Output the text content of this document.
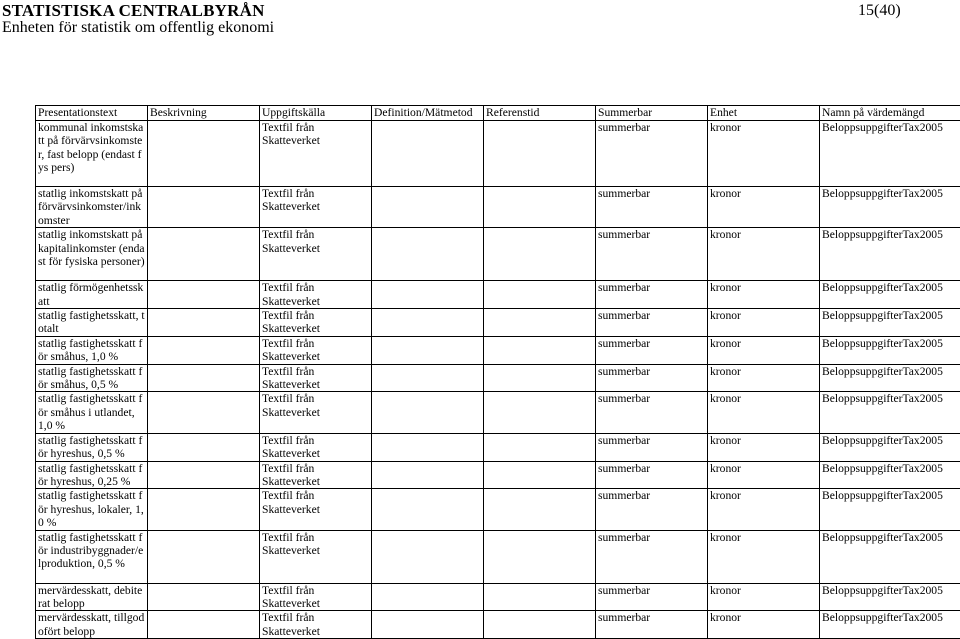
STATISTISKA CENTRALBYRÅN
Enheten för statistik om offentlig ekonomi
15(40)
Presentationstext	Beskrivning	Uppgiftskälla	Definition/Mätmetod	Referenstid	Summerbar	Enhet	Namn på värdemängd
kommunal inkomstskatt på förvärvsinkomster, fast belopp (endast fys pers)		Textfil från Skatteverket			summerbar	kronor	BeloppsuppgifterTax2005
statlig inkomstskatt på förvärvsinkomster/inkomster		Textfil från Skatteverket			summerbar	kronor	BeloppsuppgifterTax2005
statlig inkomstskatt på kapitalinkomster (endast för fysiska personer)		Textfil från Skatteverket			summerbar	kronor	BeloppsuppgifterTax2005
statlig förmögenhetsskatt		Textfil från Skatteverket			summerbar	kronor	BeloppsuppgifterTax2005
statlig fastighetsskatt, totalt		Textfil från Skatteverket			summerbar	kronor	BeloppsuppgifterTax2005
statlig fastighetsskatt för småhus, 1,0 %		Textfil från Skatteverket			summerbar	kronor	BeloppsuppgifterTax2005
statlig fastighetsskatt för småhus, 0,5 %		Textfil från Skatteverket			summerbar	kronor	BeloppsuppgifterTax2005
statlig fastighetsskatt för småhus i utlandet, 1,0 %		Textfil från Skatteverket			summerbar	kronor	BeloppsuppgifterTax2005
statlig fastighetsskatt för hyreshus, 0,5 %		Textfil från Skatteverket			summerbar	kronor	BeloppsuppgifterTax2005
statlig fastighetsskatt för hyreshus, 0,25 %		Textfil från Skatteverket			summerbar	kronor	BeloppsuppgifterTax2005
statlig fastighetsskatt för hyreshus, lokaler, 1,0 %		Textfil från Skatteverket			summerbar	kronor	BeloppsuppgifterTax2005
statlig fastighetsskatt för industribyggnader/elproduktion, 0,5 %		Textfil från Skatteverket			summerbar	kronor	BeloppsuppgifterTax2005
mervärdesskatt, debiterat belopp		Textfil från Skatteverket			summerbar	kronor	BeloppsuppgifterTax2005
mervärdesskatt, tillgodofört belopp		Textfil från Skatteverket			summerbar	kronor	BeloppsuppgifterTax2005
